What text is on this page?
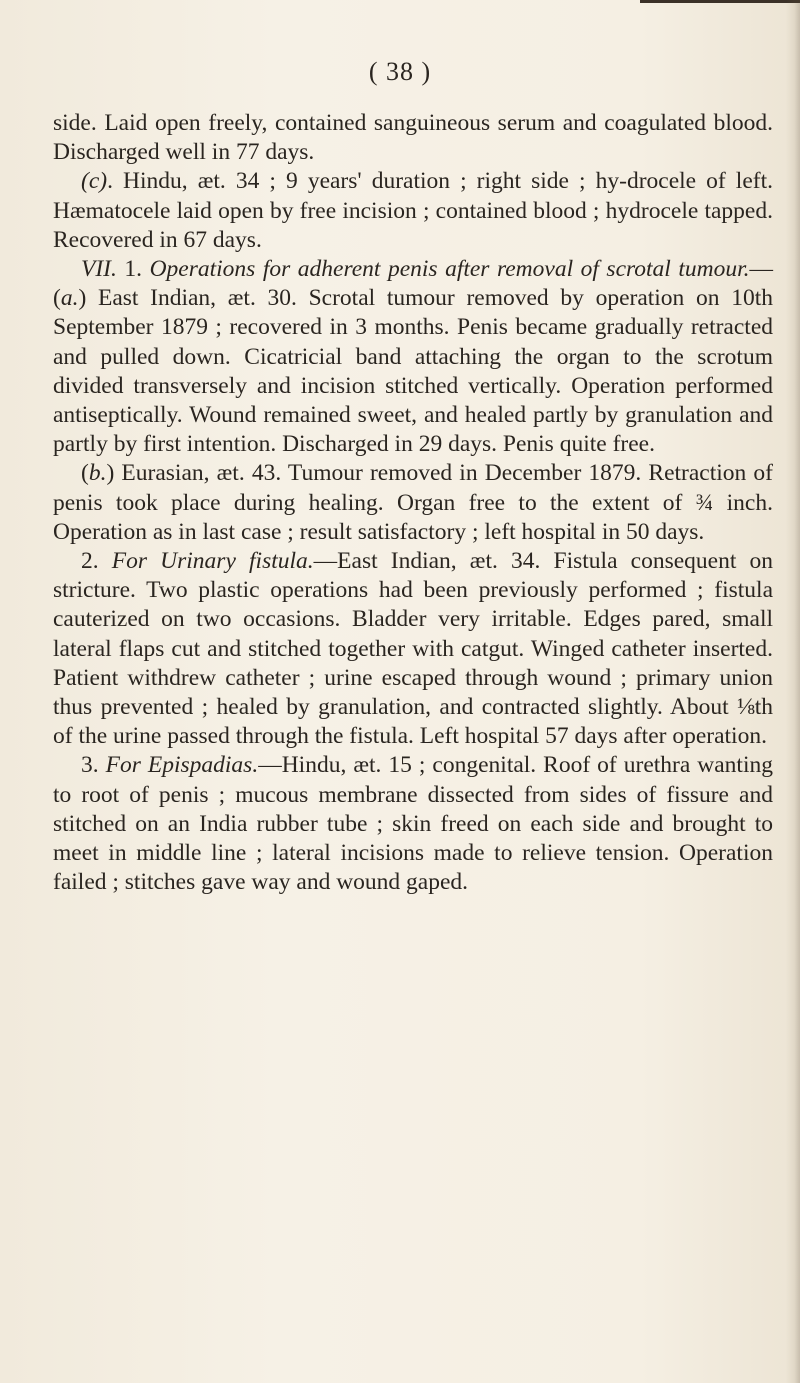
( 38 )

side. Laid open freely, contained sanguineous serum and coagulated blood. Discharged well in 77 days.

(c). Hindu, æt. 34 ; 9 years' duration ; right side ; hy-drocele of left. Hæmatocele laid open by free incision ; contained blood ; hydrocele tapped. Recovered in 67 days.

VII. 1. Operations for adherent penis after removal of scrotal tumour.—(a.) East Indian, æt. 30. Scrotal tumour removed by operation on 10th September 1879 ; recovered in 3 months. Penis became gradually retracted and pulled down. Cicatricial band attaching the organ to the scrotum divided transversely and incision stitched vertically. Operation performed antiseptically. Wound remained sweet, and healed partly by granulation and partly by first intention. Discharged in 29 days. Penis quite free.

(b.) Eurasian, æt. 43. Tumour removed in December 1879. Retraction of penis took place during healing. Organ free to the extent of ¾ inch. Operation as in last case ; result satisfactory ; left hospital in 50 days.

2. For Urinary fistula.—East Indian, æt. 34. Fistula consequent on stricture. Two plastic operations had been previously performed ; fistula cauterized on two occasions. Bladder very irritable. Edges pared, small lateral flaps cut and stitched together with catgut. Winged catheter inserted. Patient withdrew catheter ; urine escaped through wound ; primary union thus prevented ; healed by granulation, and contracted slightly. About ⅛th of the urine passed through the fistula. Left hospital 57 days after operation.

3. For Epispadias.—Hindu, æt. 15 ; congenital. Roof of urethra wanting to root of penis ; mucous membrane dissected from sides of fissure and stitched on an India rubber tube ; skin freed on each side and brought to meet in middle line ; lateral incisions made to relieve tension. Operation failed ; stitches gave way and wound gaped.
